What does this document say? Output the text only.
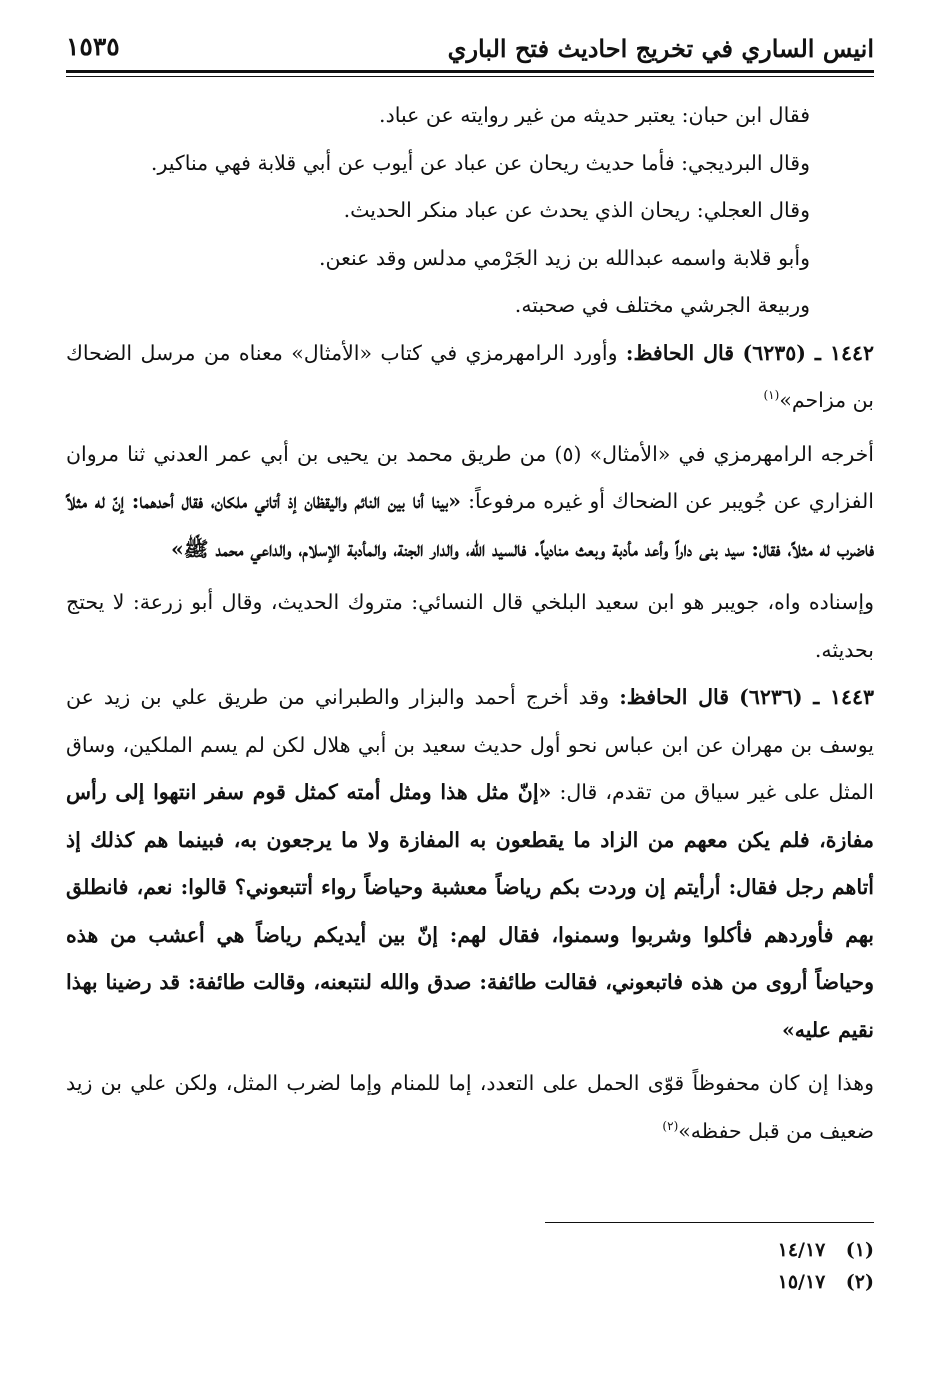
انيس الساري في تخريج احاديث فتح الباري
١٥٣٥

فقال ابن حبان: يعتبر حديثه من غير روايته عن عباد.

وقال البرديجي: فأما حديث ريحان عن عباد عن أيوب عن أبي قلابة فهي مناكير.

وقال العجلي: ريحان الذي يحدث عن عباد منكر الحديث.

وأبو قلابة واسمه عبدالله بن زيد الجَرْمي مدلس وقد عنعن.

وربيعة الجرشي مختلف في صحبته.

١٤٤٢ ـ (٦٢٣٥) قال الحافظ: وأورد الرامهرمزي في كتاب «الأمثال» معناه من مرسل الضحاك بن مزاحم»$^{(١)}$

أخرجه الرامهرمزي في «الأمثال» (٥) من طريق محمد بن يحيى بن أبي عمر العدني ثنا مروان الفزاري عن جُويبر عن الضحاك أو غيره مرفوعاً: «بينا أنا بين النائم واليقظان إذ أتاني ملكان، فقال أحدهما: إنّ له مثلاً فاضرب له مثلاً، فقال: سيد بنى داراً وأعد مأدبة وبعث منادياً. فالسيد الله، والدار الجنة، والمأدبة الإسلام، والداعي محمد ﷺ»

وإسناده واه، جويبر هو ابن سعيد البلخي قال النسائي: متروك الحديث، وقال أبو زرعة: لا يحتج بحديثه.

١٤٤٣ ـ (٦٢٣٦) قال الحافظ: وقد أخرج أحمد والبزار والطبراني من طريق علي بن زيد عن يوسف بن مهران عن ابن عباس نحو أول حديث سعيد بن أبي هلال لكن لم يسم الملكين، وساق المثل على غير سياق من تقدم، قال: «إنّ مثل هذا ومثل أمته كمثل قوم سفر انتهوا إلى رأس مفازة، فلم يكن معهم من الزاد ما يقطعون به المفازة ولا ما يرجعون به، فبينما هم كذلك إذ أتاهم رجل فقال: أرأيتم إن وردت بكم رياضاً معشبة وحياضاً رواء أتتبعوني؟ قالوا: نعم، فانطلق بهم فأوردهم فأكلوا وشربوا وسمنوا، فقال لهم: إنّ بين أيديكم رياضاً هي أعشب من هذه وحياضاً أروى من هذه فاتبعوني، فقالت طائفة: صدق والله لنتبعنه، وقالت طائفة: قد رضينا بهذا نقيم عليه»

وهذا إن كان محفوظاً قوّى الحمل على التعدد، إما للمنام وإما لضرب المثل، ولكن علي بن زيد ضعيف من قبل حفظه»$^{(٢)}$

(١) ١٤/١٧
(٢) ١٥/١٧
